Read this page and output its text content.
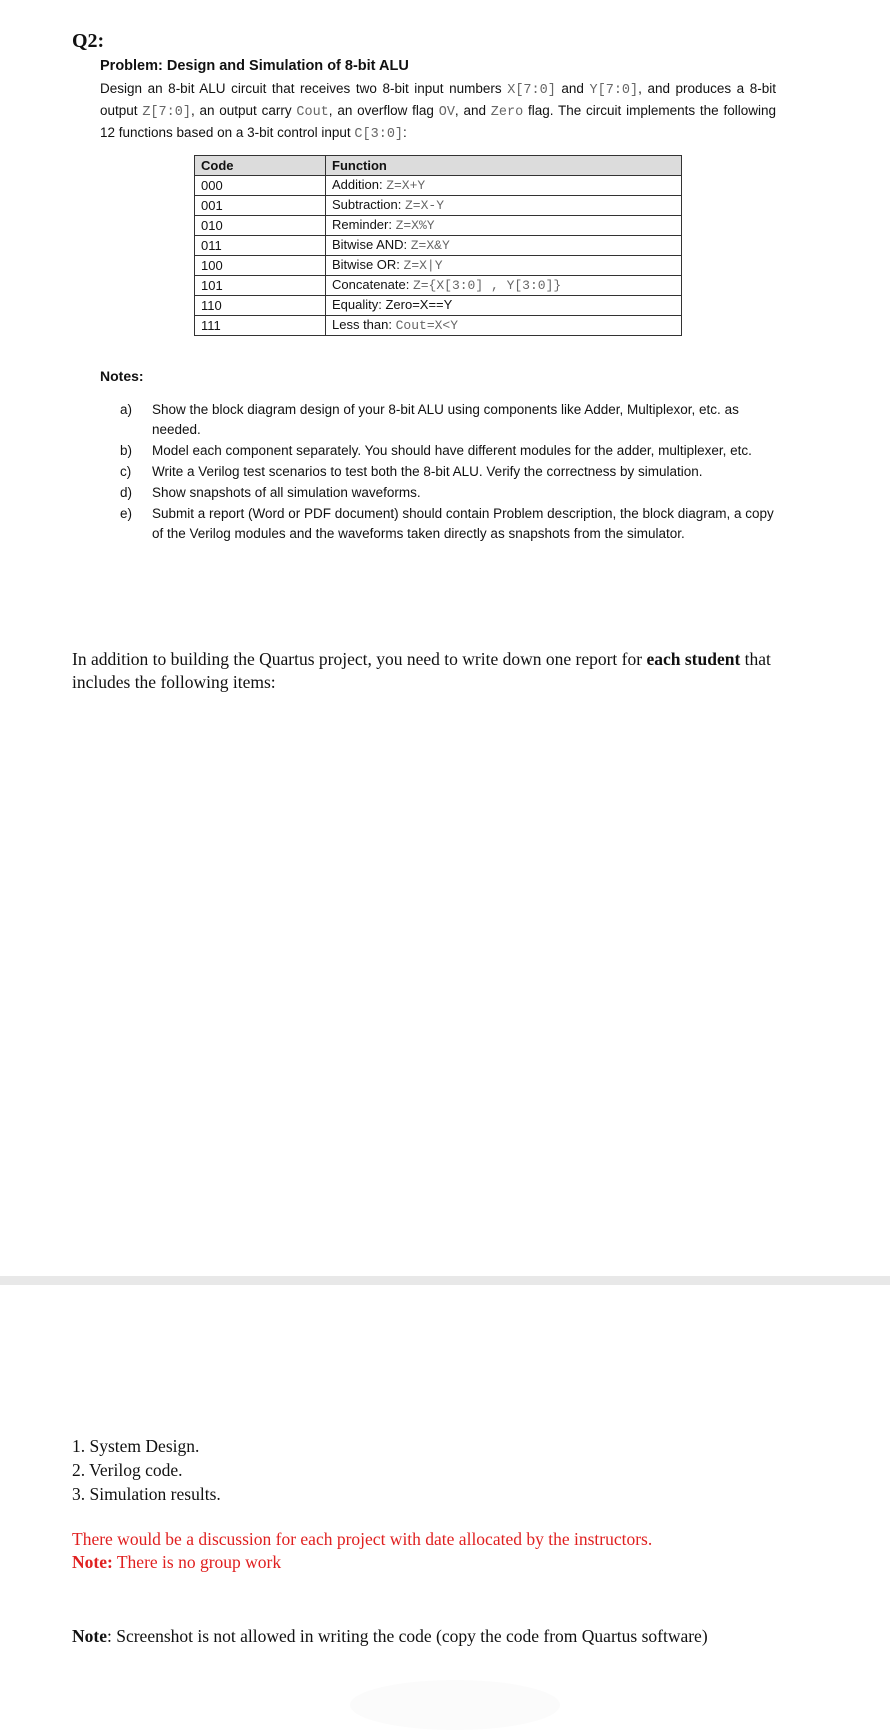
Q2:
Problem: Design and Simulation of 8-bit ALU

Design an 8-bit ALU circuit that receives two 8-bit input numbers X[7:0] and Y[7:0], and produces a 8-bit output Z[7:0], an output carry Cout, an overflow flag OV, and Zero flag. The circuit implements the following 12 functions based on a 3-bit control input C[3:0]:

Code	Function
000	Addition: Z=X+Y
001	Subtraction: Z=X-Y
010	Reminder: Z=X%Y
011	Bitwise AND: Z=X&Y
100	Bitwise OR: Z=X|Y
101	Concatenate: Z={X[3:0] , Y[3:0]}
110	Equality: Zero=X==Y
111	Less than: Cout=X<Y
Notes:
a)	Show the block diagram design of your 8-bit ALU using components like Adder, Multiplexor, etc. as needed.
b)	Model each component separately. You should have different modules for the adder, multiplexer, etc.
c)	Write a Verilog test scenarios to test both the 8-bit ALU. Verify the correctness by simulation.
d)	Show snapshots of all simulation waveforms.
e)	Submit a report (Word or PDF document) should contain Problem description, the block diagram, a copy of the Verilog modules and the waveforms taken directly as snapshots from the simulator.
In addition to building the Quartus project, you need to write down one report for each student that includes the following items:
1. System Design.
2. Verilog code.
3. Simulation results.
There would be a discussion for each project with date allocated by the instructors.
Note: There is no group work
Note: Screenshot is not allowed in writing the code (copy the code from Quartus software)
